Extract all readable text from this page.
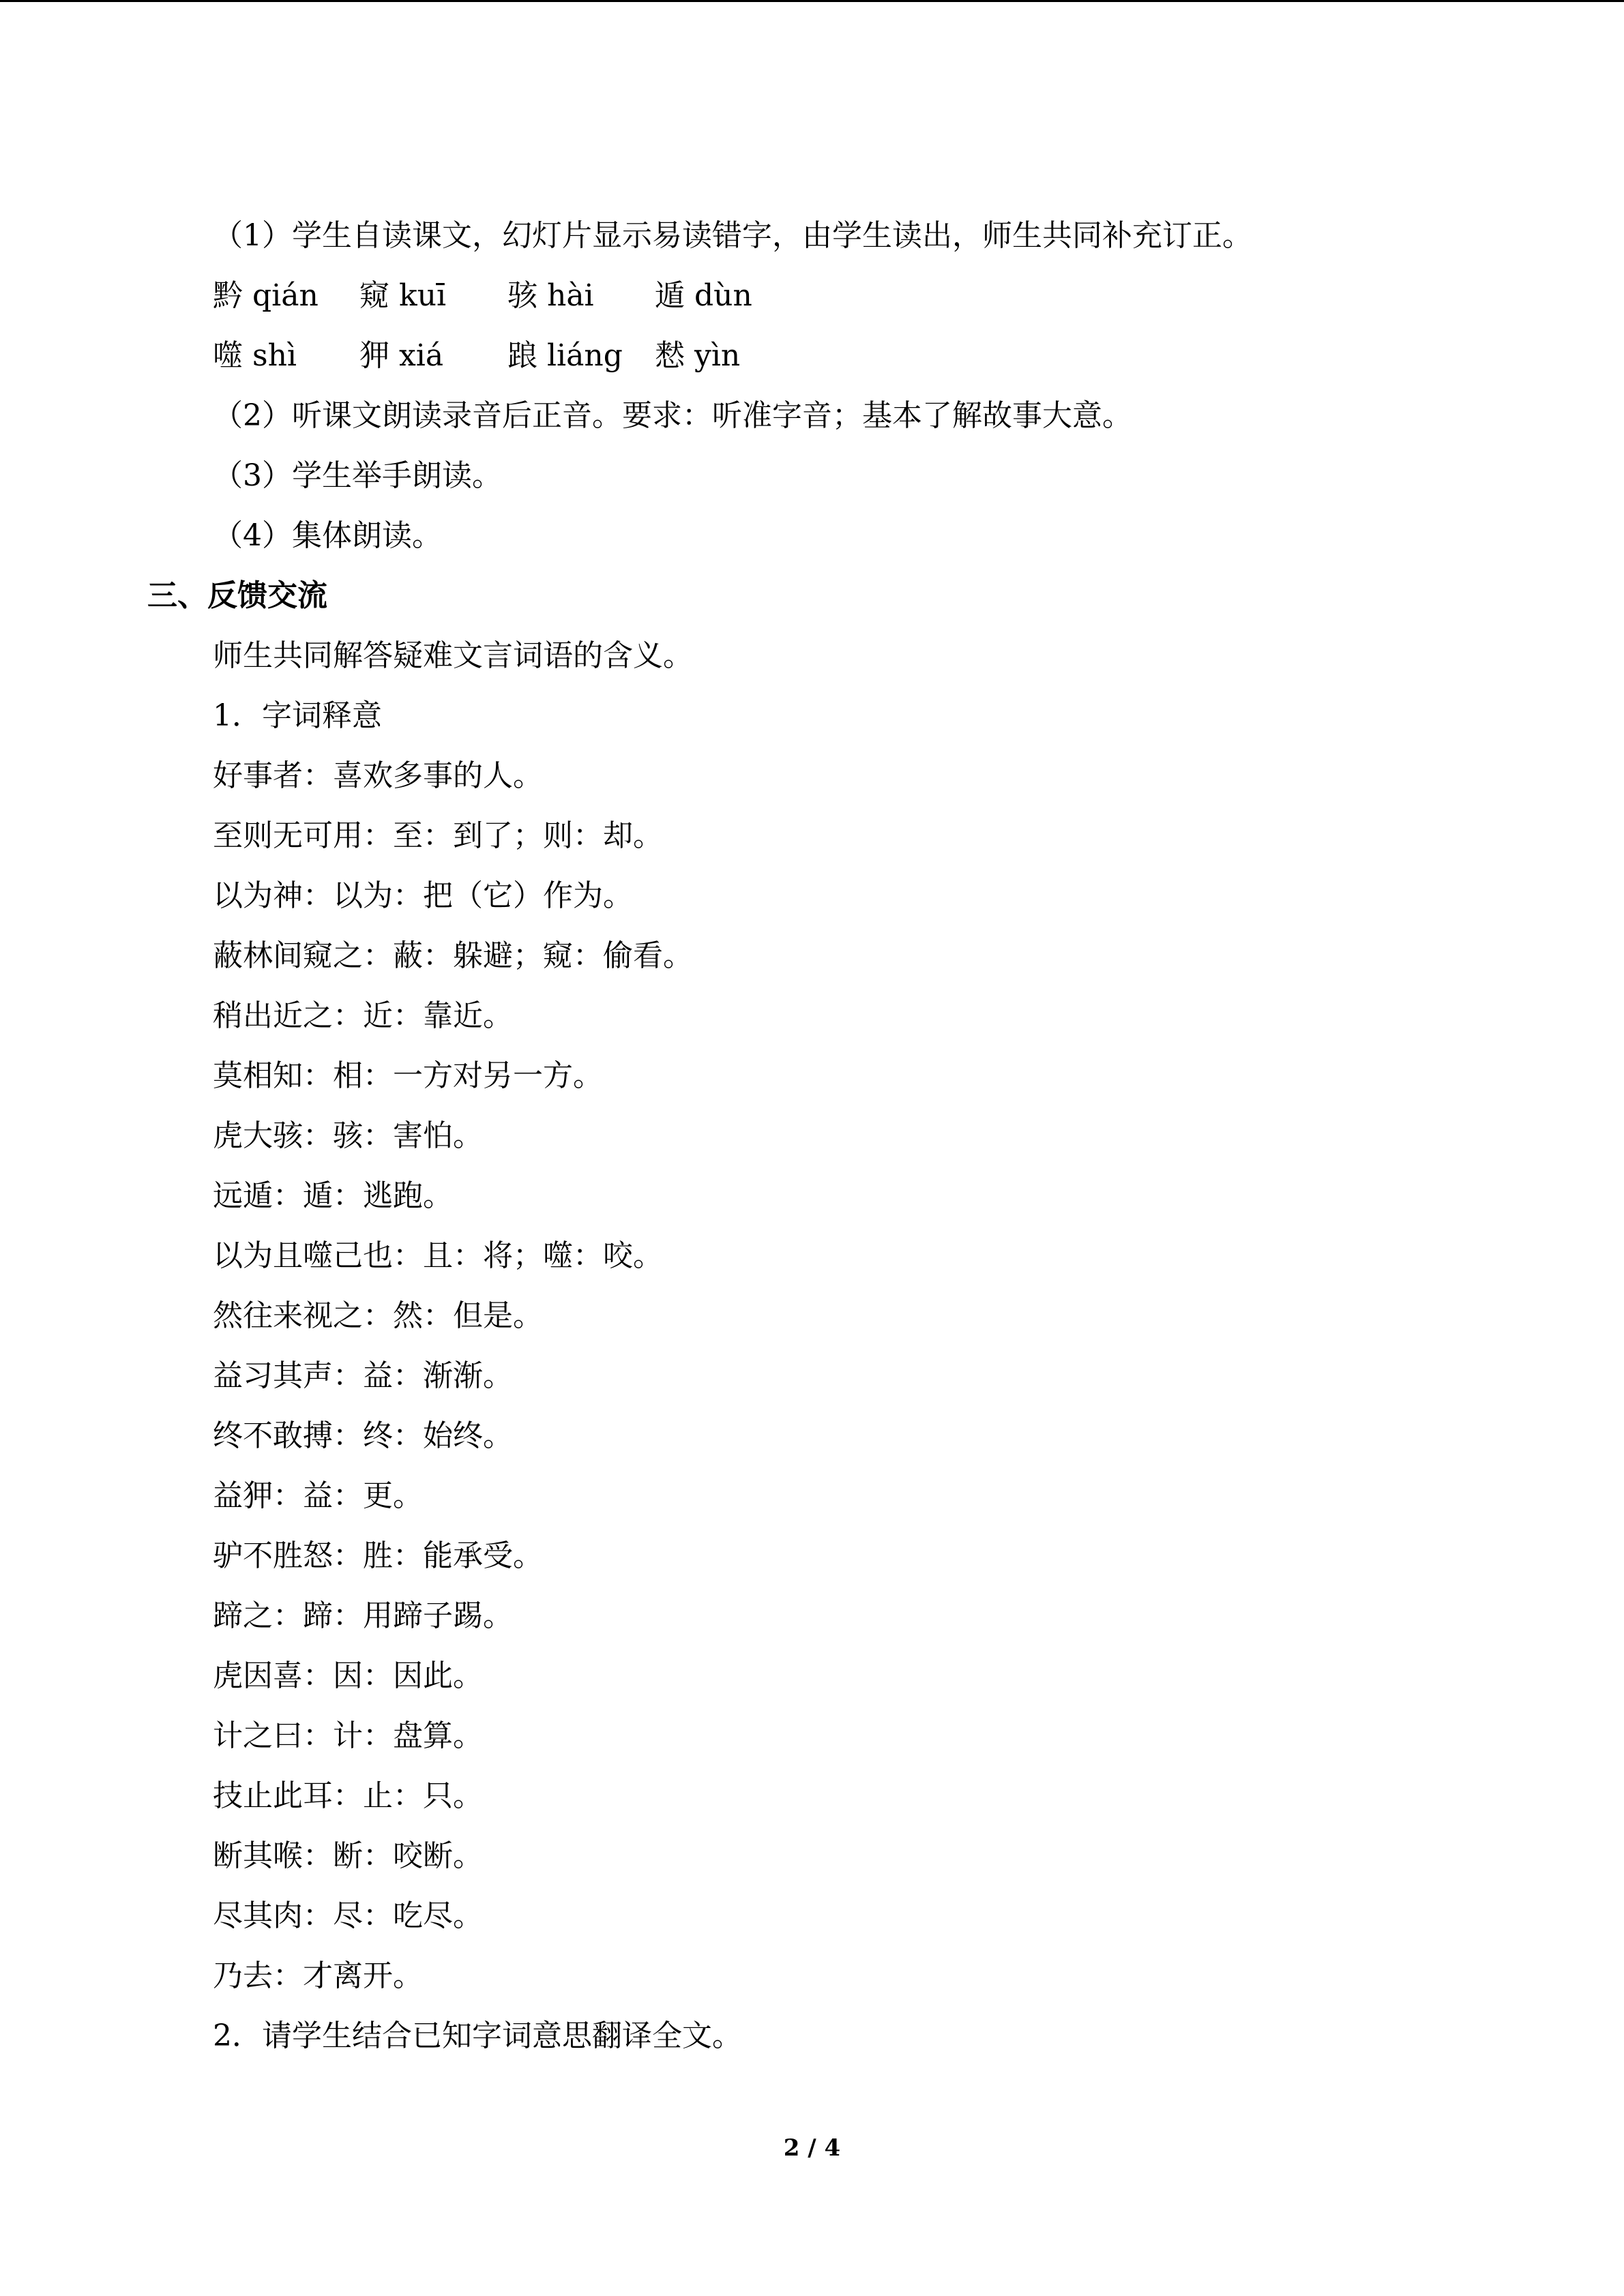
（1）学生自读课文，幻灯片显示易读错字，由学生读出，师生共同补充订正。
黔 qián 窥 kuī 骇 hài 遁 dùn
噬 shì 狎 xiá 踉 liáng 慭 yìn
（2）听课文朗读录音后正音。要求：听准字音；基本了解故事大意。
（3）学生举手朗读。
（4）集体朗读。
三、反馈交流
师生共同解答疑难文言词语的含义。
1．字词释意
好事者：喜欢多事的人。
至则无可用：至：到了；则：却。
以为神：以为：把（它）作为。
蔽林间窥之：蔽：躲避；窥：偷看。
稍出近之：近：靠近。
莫相知：相：一方对另一方。
虎大骇：骇：害怕。
远遁：遁：逃跑。
以为且噬己也：且：将；噬：咬。
然往来视之：然：但是。
益习其声：益：渐渐。
终不敢搏：终：始终。
益狎：益：更。
驴不胜怒：胜：能承受。
蹄之：蹄：用蹄子踢。
虎因喜：因：因此。
计之曰：计：盘算。
技止此耳：止：只。
断其喉：断：咬断。
尽其肉：尽：吃尽。
乃去：才离开。
2．请学生结合已知字词意思翻译全文。
2 / 4
